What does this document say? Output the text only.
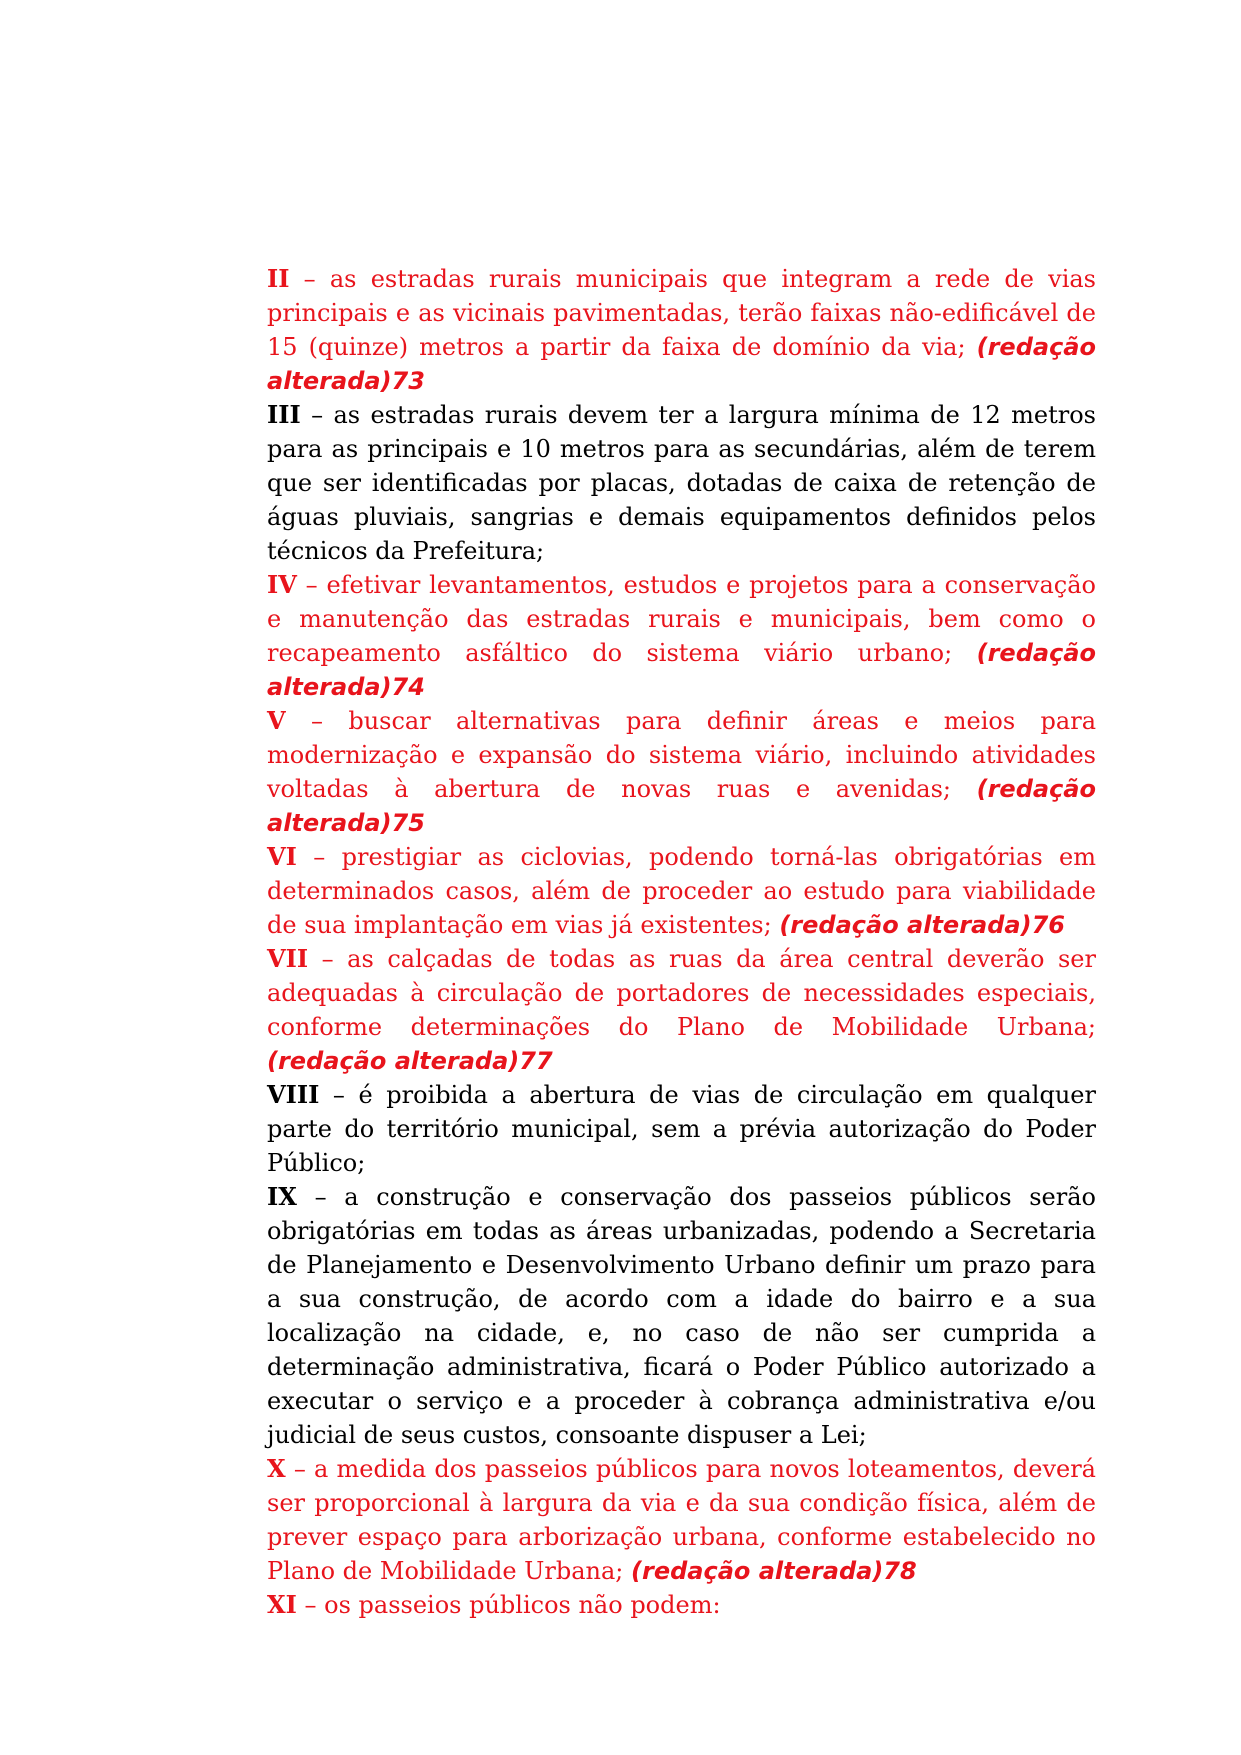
II – as estradas rurais municipais que integram a rede de vias principais e as vicinais pavimentadas, terão faixas não-edificável de 15 (quinze) metros a partir da faixa de domínio da via; (redação alterada)73

III – as estradas rurais devem ter a largura mínima de 12 metros para as principais e 10 metros para as secundárias, além de terem que ser identificadas por placas, dotadas de caixa de retenção de águas pluviais, sangrias e demais equipamentos definidos pelos técnicos da Prefeitura;

IV – efetivar levantamentos, estudos e projetos para a conservação e manutenção das estradas rurais e municipais, bem como o recapeamento asfáltico do sistema viário urbano; (redação alterada)74

V – buscar alternativas para definir áreas e meios para modernização e expansão do sistema viário, incluindo atividades voltadas à abertura de novas ruas e avenidas; (redação alterada)75

VI – prestigiar as ciclovias, podendo torná-las obrigatórias em determinados casos, além de proceder ao estudo para viabilidade de sua implantação em vias já existentes; (redação alterada)76

VII – as calçadas de todas as ruas da área central deverão ser adequadas à circulação de portadores de necessidades especiais, conforme determinações do Plano de Mobilidade Urbana; (redação alterada)77

VIII – é proibida a abertura de vias de circulação em qualquer parte do território municipal, sem a prévia autorização do Poder Público;

IX – a construção e conservação dos passeios públicos serão obrigatórias em todas as áreas urbanizadas, podendo a Secretaria de Planejamento e Desenvolvimento Urbano definir um prazo para a sua construção, de acordo com a idade do bairro e a sua localização na cidade, e, no caso de não ser cumprida a determinação administrativa, ficará o Poder Público autorizado a executar o serviço e a proceder à cobrança administrativa e/ou judicial de seus custos, consoante dispuser a Lei;

X – a medida dos passeios públicos para novos loteamentos, deverá ser proporcional à largura da via e da sua condição física, além de prever espaço para arborização urbana, conforme estabelecido no Plano de Mobilidade Urbana; (redação alterada)78

XI – os passeios públicos não podem:
